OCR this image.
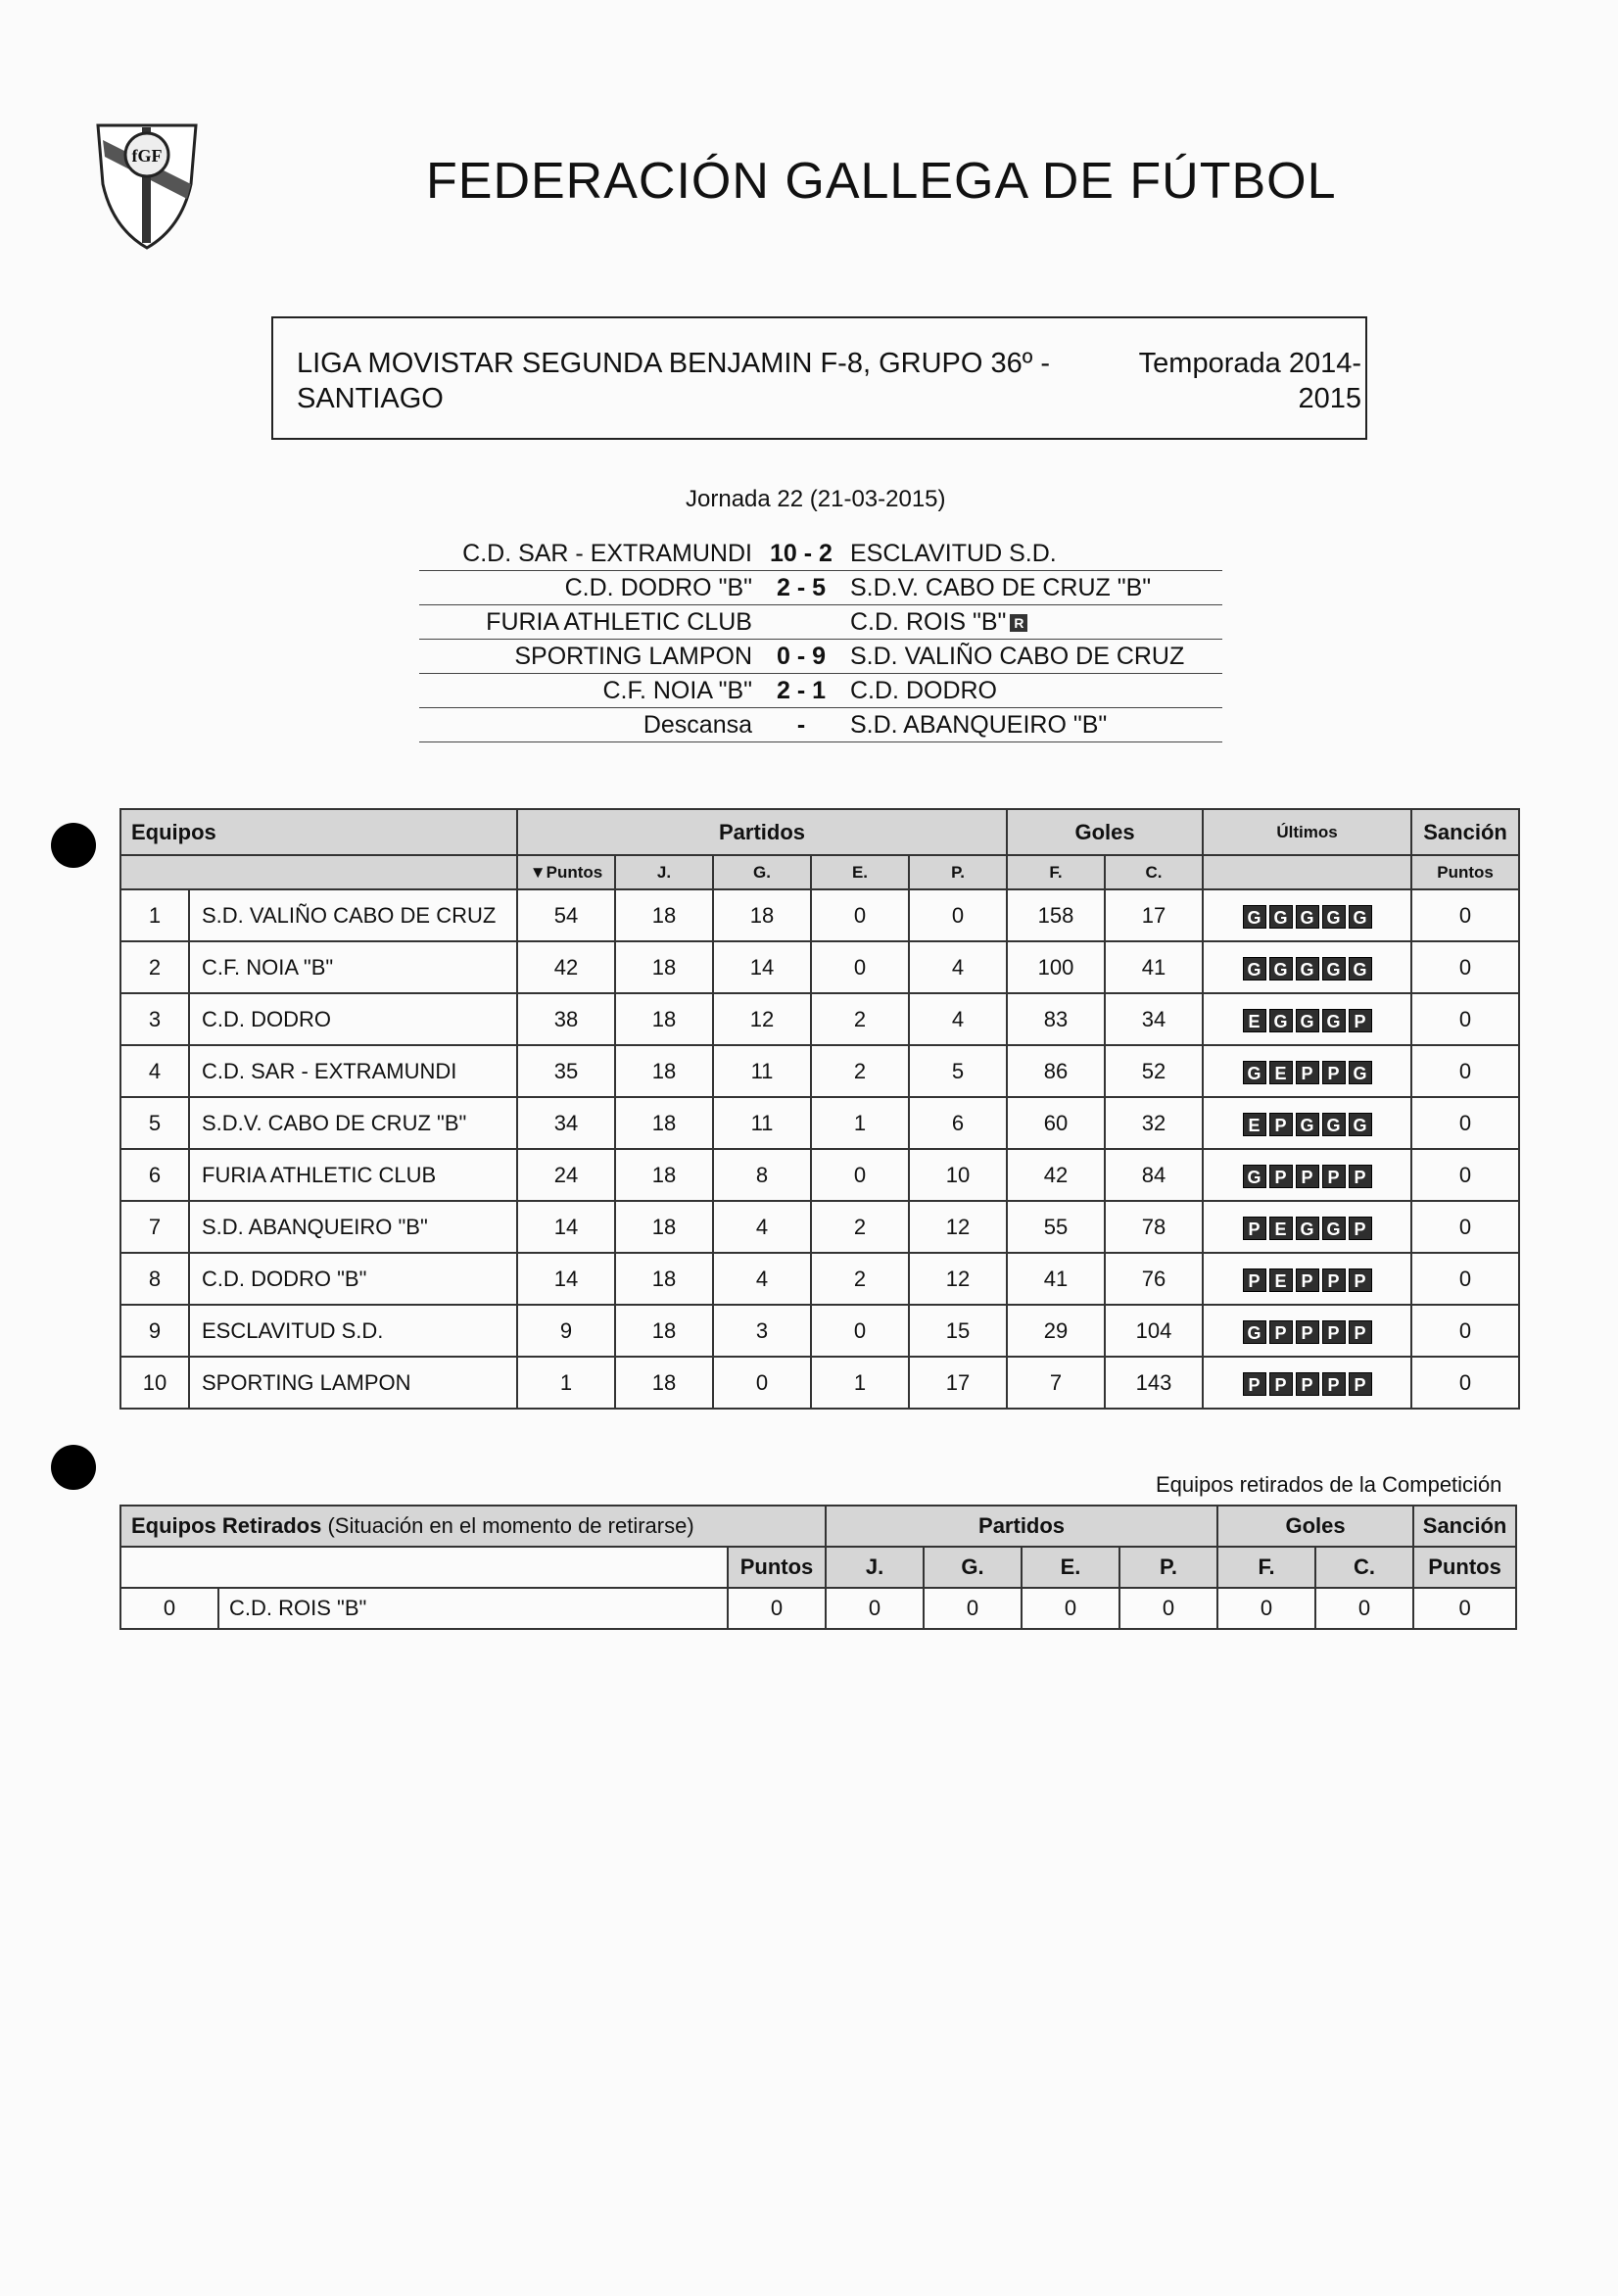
fGF	FEDERACIÓN GALLEGA DE FÚTBOL
LIGA MOVISTAR SEGUNDA BENJAMIN F-8, GRUPO 36º - SANTIAGO
Temporada 2014-2015
Jornada 22 (21-03-2015)
C.D. SAR - EXTRAMUNDI	10 - 2	ESCLAVITUD S.D.
C.D. DODRO "B"	2 - 5	S.D.V. CABO DE CRUZ "B"
FURIA ATHLETIC CLUB		C.D. ROIS "B" R
SPORTING LAMPON	0 - 9	S.D. VALIÑO CABO DE CRUZ
C.F. NOIA "B"	2 - 1	C.D. DODRO
Descansa	-	S.D. ABANQUEIRO "B"
Equipos		Partidos					Goles		Últimos	Sanción
		▼Puntos	J.	G.	E.	P.	F.	C.		Puntos
1	S.D. VALIÑO CABO DE CRUZ	54	18	18	0	0	158	17	G G G G G	0
2	C.F. NOIA "B"	42	18	14	0	4	100	41	G G G G G	0
3	C.D. DODRO	38	18	12	2	4	83	34	E G G G P	0
4	C.D. SAR - EXTRAMUNDI	35	18	11	2	5	86	52	G E P P G	0
5	S.D.V. CABO DE CRUZ "B"	34	18	11	1	6	60	32	E P G G G	0
6	FURIA ATHLETIC CLUB	24	18	8	0	10	42	84	G P P P P	0
7	S.D. ABANQUEIRO "B"	14	18	4	2	12	55	78	P E G G P	0
8	C.D. DODRO "B"	14	18	4	2	12	41	76	P E P P P	0
9	ESCLAVITUD S.D.	9	18	3	0	15	29	104	G P P P P	0
10	SPORTING LAMPON	1	18	0	1	17	7	143	P P P P P	0
Equipos retirados de la Competición
Equipos Retirados (Situación en el momento de retirarse)			Partidos				Goles		Sanción
		Puntos	J.	G.	E.	P.	F.	C.	Puntos
0	C.D. ROIS "B"	0	0	0	0	0	0	0	0
